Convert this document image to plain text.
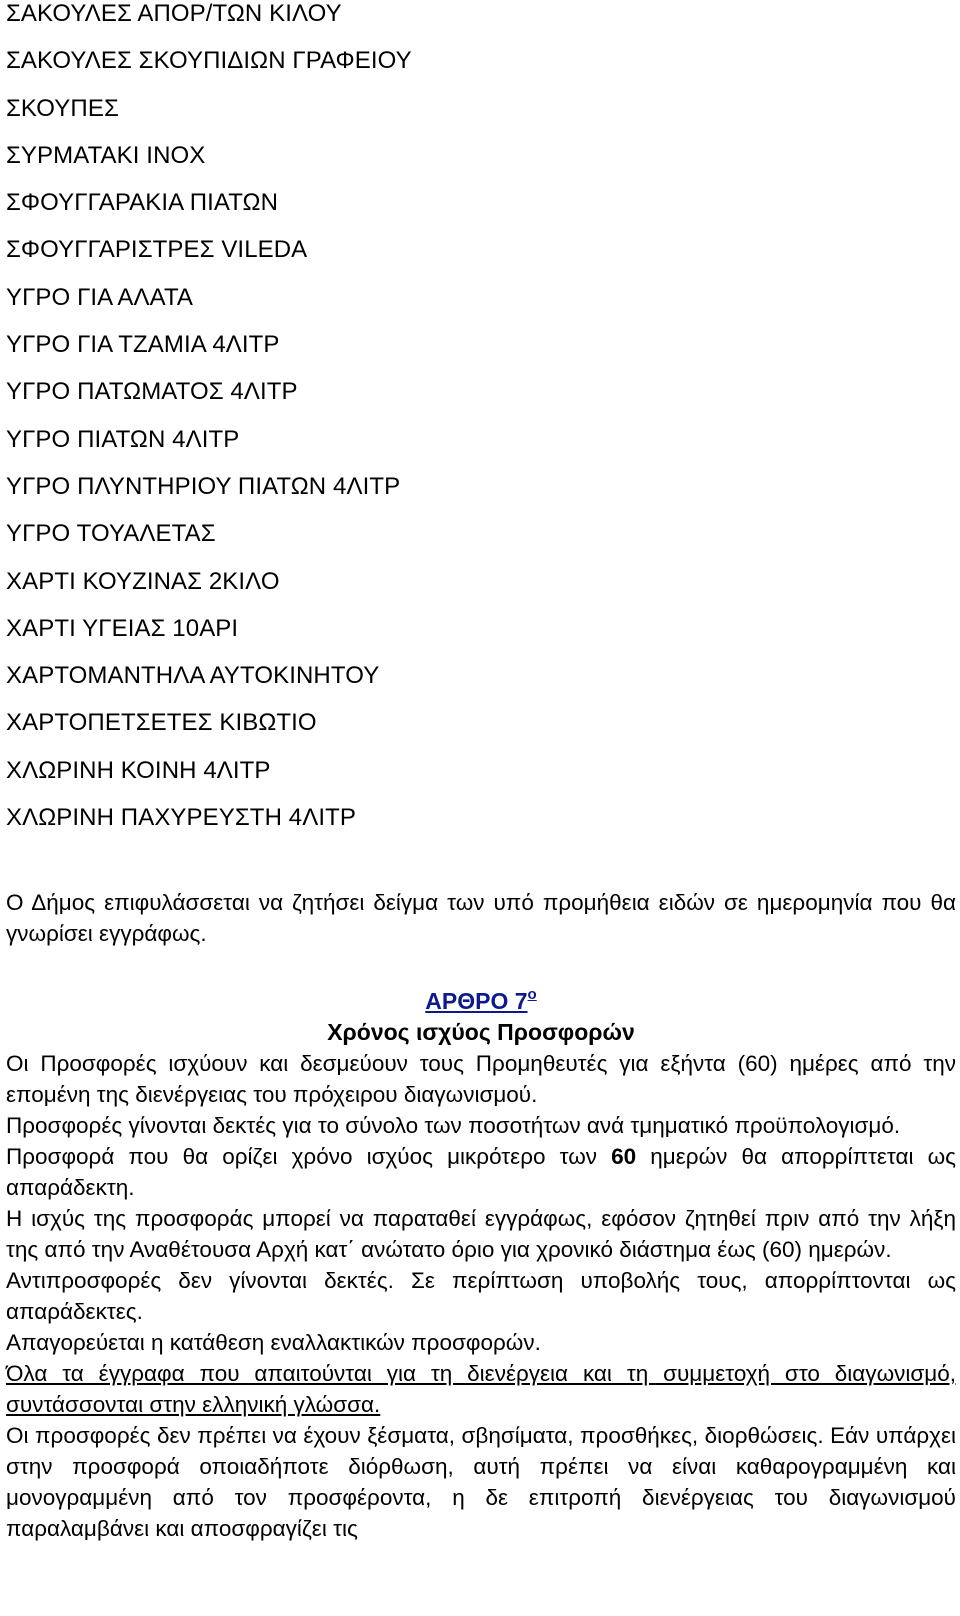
ΣΑΚΟΥΛΕΣ ΑΠΟΡ/ΤΩΝ ΚΙΛΟΥ
ΣΑΚΟΥΛΕΣ ΣΚΟΥΠΙΔΙΩΝ ΓΡΑΦΕΙΟΥ
ΣΚΟΥΠΕΣ
ΣΥΡΜΑΤΑΚΙ ΙΝΟΧ
ΣΦΟΥΓΓΑΡΑΚΙΑ ΠΙΑΤΩΝ
ΣΦΟΥΓΓΑΡΙΣΤΡΕΣ VILEDA
ΥΓΡΟ ΓΙΑ ΑΛΑΤΑ
ΥΓΡΟ ΓΙΑ ΤΖΑΜΙΑ 4ΛΙΤΡ
ΥΓΡΟ ΠΑΤΩΜΑΤΟΣ 4ΛΙΤΡ
ΥΓΡΟ ΠΙΑΤΩΝ 4ΛΙΤΡ
ΥΓΡΟ ΠΛΥΝΤΗΡΙΟΥ ΠΙΑΤΩΝ 4ΛΙΤΡ
ΥΓΡΟ ΤΟΥΑΛΕΤΑΣ
ΧΑΡΤΙ ΚΟΥΖΙΝΑΣ 2ΚΙΛΟ
ΧΑΡΤΙ ΥΓΕΙΑΣ 10ΑΡΙ
ΧΑΡΤΟΜΑΝΤΗΛΑ ΑΥΤΟΚΙΝΗΤΟΥ
ΧΑΡΤΟΠΕΤΣΕΤΕΣ ΚΙΒΩΤΙΟ
ΧΛΩΡΙΝΗ ΚΟΙΝΗ 4ΛΙΤΡ
ΧΛΩΡΙΝΗ ΠΑΧΥΡΕΥΣΤΗ 4ΛΙΤΡ

Ο Δήμος επιφυλάσσεται να ζητήσει δείγμα των υπό προμήθεια ειδών σε ημερομηνία που θα γνωρίσει εγγράφως.

ΑΡΘΡΟ $7^o$

Χρόνος ισχύος Προσφορών

Οι Προσφορές ισχύουν και δεσμεύουν τους Προμηθευτές για εξήντα (60) ημέρες από την επομένη της διενέργειας του πρόχειρου διαγωνισμού.

Προσφορές γίνονται δεκτές για το σύνολο των ποσοτήτων ανά τμηματικό προϋπολογισμό.

Προσφορά που θα ορίζει χρόνο ισχύος μικρότερο των 60 ημερών θα απορρίπτεται ως απαράδεκτη.

Η ισχύς της προσφοράς μπορεί να παραταθεί εγγράφως, εφόσον ζητηθεί πριν από την λήξη της από την Αναθέτουσα Αρχή κατ΄ ανώτατο όριο για χρονικό διάστημα έως (60) ημερών.

Αντιπροσφορές δεν γίνονται δεκτές. Σε περίπτωση υποβολής τους, απορρίπτονται ως απαράδεκτες.

Απαγορεύεται η κατάθεση εναλλακτικών προσφορών.

Όλα τα έγγραφα που απαιτούνται για τη διενέργεια και τη συμμετοχή στο διαγωνισμό, συντάσσονται στην ελληνική γλώσσα.

Οι προσφορές δεν πρέπει να έχουν ξέσματα, σβησίματα, προσθήκες, διορθώσεις. Εάν υπάρχει στην προσφορά οποιαδήποτε διόρθωση, αυτή πρέπει να είναι καθαρογραμμένη και μονογραμμένη από τον προσφέροντα, η δε επιτροπή διενέργειας του διαγωνισμού παραλαμβάνει και αποσφραγίζει τις
